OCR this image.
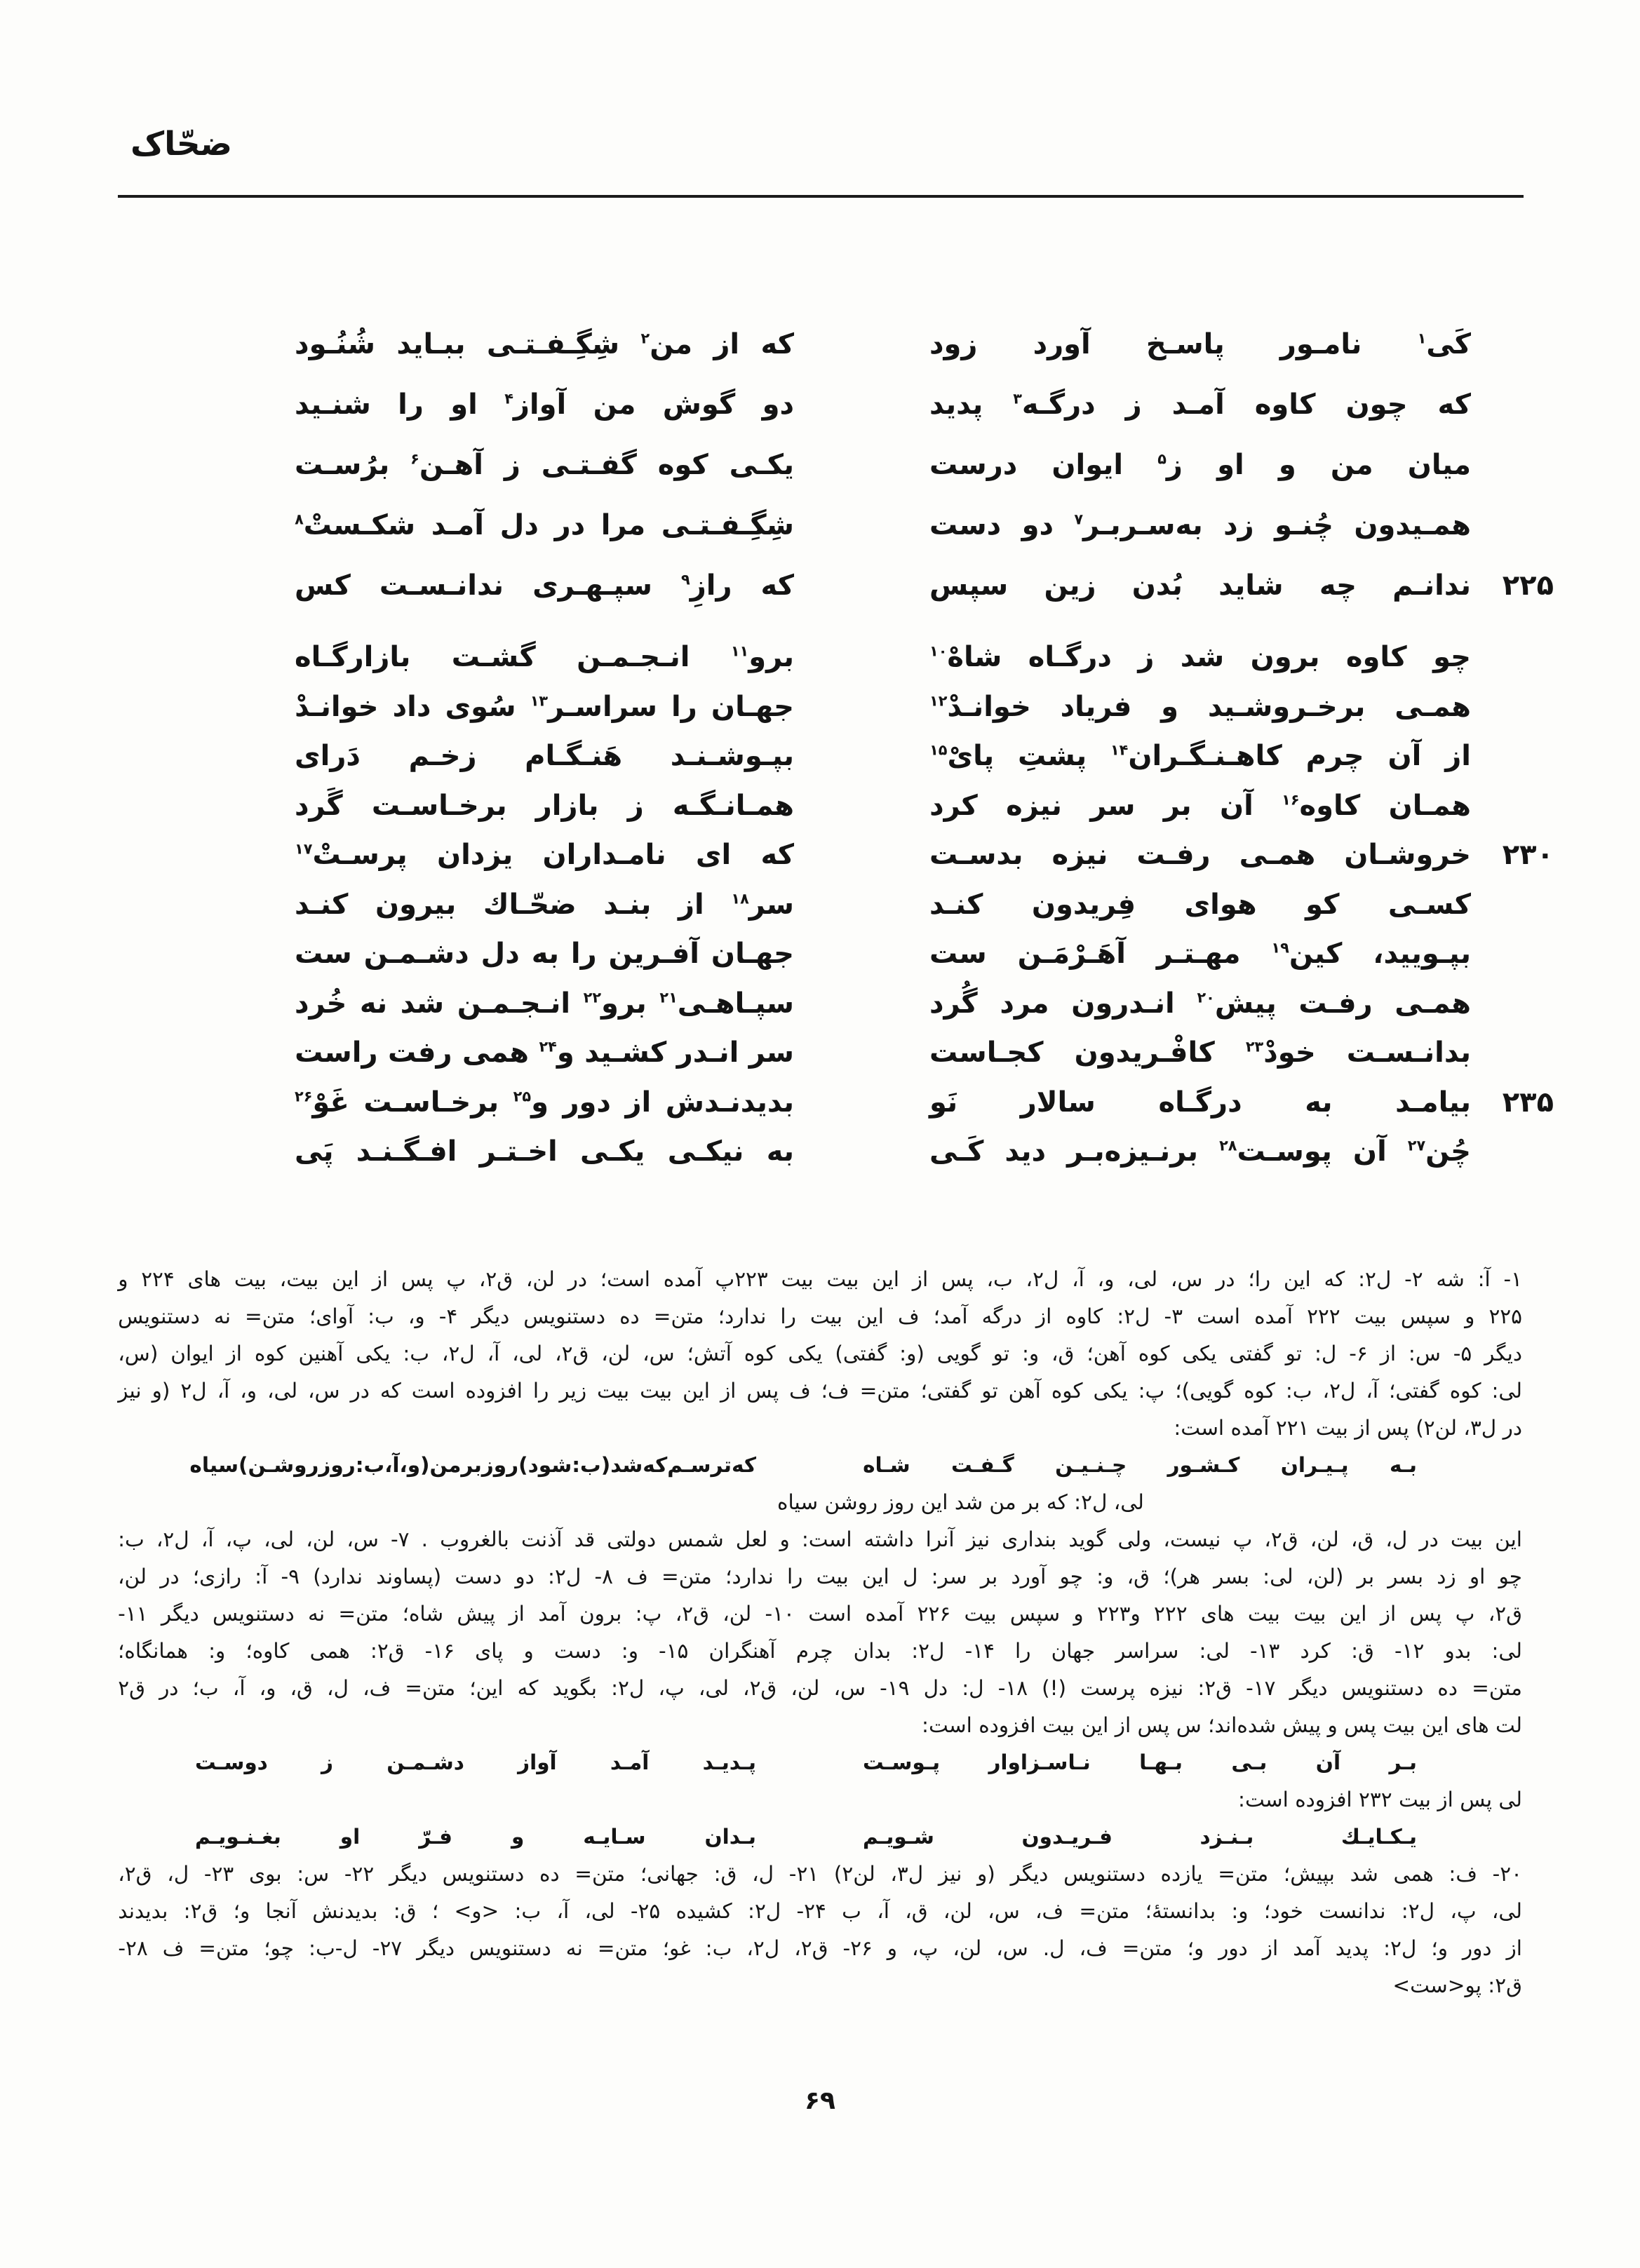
ضحّاک
کَی$^۱$
نامـور
پاسـخ
آورد
زود
که
از
من$^۲$
شِگِـفـتـی
ببـاید
شُنُـود
که
چون
کاوه
آمـد
ز
درگـه$^۳$
پدید
دو
گوش
من
آواز$^۴$
او
را
شنـید
میان
من
و
او
ز$^۵$
ایوان
درست
یکـی
کوه
گفـتـی
ز
آهـن$^۶$
برُسـت
همـیدون
چُنـو
زد
به‌سـربـر$^۷$
دو
دست
شِگِـفـتـی
مرا
در
دل
آمـد
شکـستْ$^۸$
۲۲۵
ندانـم
چه
شاید
بُدن
زین
سپس
که
رازِ$^۹$
سپـهـری
ندانـسـت
کس
چو
کاوه
برون
شد
ز
درگـاه
شاهْ$^{۱۰}$
برو$^{۱۱}$
انـجـمـن
گشـت
بازارگـاه
همـی
برخـروشـید
و
فریاد
خوانـدْ$^{۱۲}$
جهـان
را
سراسـر$^{۱۳}$
سُوی
داد
خوانـدْ
از
آن
چرم
کاهـنـگـران$^{۱۴}$
پشتِ
پایْ$^{۱۵}$
بپـوشـنـد
هَنـگـام
زخـم
دَرای
همـان
کاوه$^{۱۶}$
آن
بر
سر
نیزه
کرد
همـانـگـه
ز
بازار
برخـاسـت
گَرد
۲۳۰
خروشـان
همـی
رفـت
نیزه
بدسـت
که
ای
نامـداران
یزدان
پرسـتْ$^{۱۷}$
کسـی
کو
هوای
فِریدون
کنـد
سر$^{۱۸}$
از
بنـد
ضحّـاك
بیرون
کنـد
بپـویید،
کین$^{۱۹}$
مهـتـر
آهَـرْمَـن
ست
جهـان
آفـرین
را
به
دل
دشـمـن
ست
همـی
رفـت
پیش$^{۲۰}$
انـدرون
مرد
گُرد
سپـاهـی$^{۲۱}$
برو$^{۲۲}$
انـجـمـن
شد
نه
خُرد
بدانـسـت
خودْ$^{۲۳}$
کافْـریدون
کجـاست
سر
انـدر
کشـید
و$^{۲۴}$
همی
رفت
راست
۲۳۵
بیامـد
به
درگـاه
سالار
نَو
بدیدنـدش
از
دور
و$^{۲۵}$
برخـاسـت
غَوْ$^{۲۶}$
چُن$^{۲۷}$
آن
پوسـت$^{۲۸}$
برنـیزه‌بـر
دید
کَـی
به
نیکـی
یکـی
اخـتـر
افـگـنـد
پَی
۱-
آ:
شه
۲-
ل۲:
که
این
را؛
در
س،
لی،
و،
آ،
ل۲،
ب،
پس
از
این
بیت
بیت
۲۲۳پ
آمده
است؛
در
لن،
ق۲،
پ
پس
از
این
بیت،
بیت
های
۲۲۴
و
۲۲۵
و
سپس
بیت
۲۲۲
آمده
است
۳-
ل۲:
کاوه
از
درگه
آمد؛
ف
این
بیت
را
ندارد؛
متن=
ده
دستنویس
دیگر
۴-
و،
ب:
آوای؛
متن=
نه
دستنویس
دیگر
۵-
س:
از
۶-
ل:
تو
گفتی
یکی
کوه
آهن؛
ق،
و:
تو
گویی
(و:
گفتی)
یکی
کوه
آتش؛
س،
لن،
ق۲،
لی،
آ،
ل۲،
ب:
یکی
آهنین
کوه
از
ایوان
(س،
لی:
کوه
گفتی؛
آ،
ل۲،
ب:
کوه
گویی)؛
پ:
یکی
کوه
آهن
تو
گفتی؛
متن=
ف؛
ف
پس
از
این
بیت
بیت
زیر
را
افزوده
است
که
در
س،
لی،
و،
آ،
ل۲
(و
نیز
در ل۳، لن۲) پس از بیت ۲۲۱ آمده است:
بـه
پـیـران
کـشـور
چـنـیـن
گـفـت
شـاه
که
ترسـم
که
شد
(ب:
شود)
روز
بر
من
(و،
آ،
ب:
روز
روشـن)
سیاه
لی، ل۲: که بر من شد این روز روشن سیاه
این
بیت
در
ل،
ق،
لن،
ق۲،
پ
نیست،
ولی
گوید
بنداری
نیز
آنرا
داشته
است:
و
لعل
شمس
دولتی
قد
آذنت
بالغروب
.
۷-
س،
لن،
لی،
پ،
آ،
ل۲،
ب:
چو
او
زد
بسر
بر
(لن،
لی:
بسر
هر)؛
ق،
و:
چو
آورد
بر
سر:
ل
این
بیت
را
ندارد؛
متن=
ف
۸-
ل۲:
دو
دست
(پساوند
ندارد)
۹-
آ:
رازی؛
در
لن،
ق۲،
پ
پس
از
این
بیت
بیت
های
۲۲۲
و۲۲۳
و
سپس
بیت
۲۲۶
آمده
است
۱۰-
لن،
ق۲،
پ:
برون
آمد
از
پیش
شاه؛
متن=
نه
دستنویس
دیگر
۱۱-
لی:
بدو
۱۲-
ق:
کرد
۱۳-
لی:
سراسر
جهان
را
۱۴-
ل۲:
بدان
چرم
آهنگران
۱۵-
و:
دست
و
پای
۱۶-
ق۲:
همی
کاوه؛
و:
همانگاه؛
متن=
ده
دستنویس
دیگر
۱۷-
ق۲:
نیزه
پرست
(!)
۱۸-
ل:
دل
۱۹-
س،
لن،
ق۲،
لی،
پ،
ل۲:
بگوید
که
این؛
متن=
ف،
ل،
ق،
و،
آ،
ب؛
در
ق۲
لت های این بیت پس و پیش شده‌اند؛ س پس از این بیت افزوده است:
بـر
آن
بـی
بـهـا
نـاسـزاوار
پـوسـت
پـدیـد
آمـد
آواز
دشـمـن
ز
دوسـت
لی پس از بیت ۲۳۲ افزوده است:
یـکـایـك
بـنـزد
فـریـدون
شـویـم
بـدان
سـایـه
و
فـرّ
او
بغـنـویـم
۲۰-
ف:
همی
شد
بپیش؛
متن=
یازده
دستنویس
دیگر
(و
نیز
ل۳،
لن۲)
۲۱-
ل،
ق:
جهانی؛
متن=
ده
دستنویس
دیگر
۲۲-
س:
بوی
۲۳-
ل،
ق۲،
لی،
پ،
ل۲:
ندانست
خود؛
و:
بدانستۀ؛
متن=
ف،
س،
لن،
ق،
آ،
ب
۲۴-
ل۲:
کشیده
۲۵-
لی،
آ،
ب:
<و>
؛
ق:
بدیدنش
آنجا
و؛
ق۲:
بدیدند
از
دور
و؛
ل۲:
پدید
آمد
از
دور
و؛
متن=
ف،
ل.
س،
لن،
پ،
و
۲۶-
ق۲،
ل۲،
ب:
غو؛
متن=
نه
دستنویس
دیگر
۲۷-
ل-ب:
چو؛
متن=
ف
۲۸-
ق۲: پو<ست>
۶۹
